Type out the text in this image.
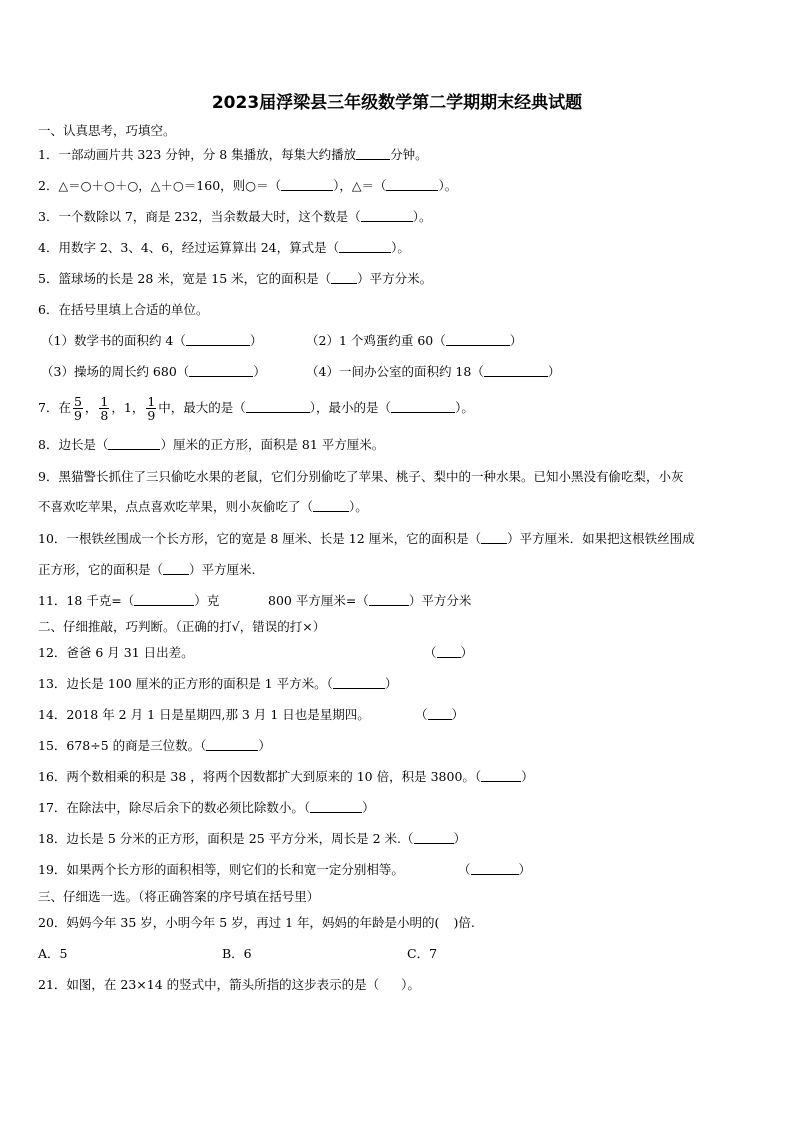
2023届浮梁县三年级数学第二学期期末经典试题
一、认真思考，巧填空。
1．一部动画片共 323 分钟，分 8 集播放，每集大约播放	分钟。
2．△＝○＋○＋○，△＋○＝160，则○＝（	），△＝（	）。
3．一个数除以 7，商是 232，当余数最大时，这个数是（	）。
4．用数字 2、3、4、6，经过运算算出 24，算式是（	）。
5．篮球场的长是 28 米，宽是 15 米，它的面积是（ ）平方分米。
6．在括号里填上合适的单位。
（1）数学书的面积约 4（	）	（2）1 个鸡蛋约重 60（	）
（3）操场的周长约 680（	）	（4）一间办公室的面积约 18（	）
7．在 $\frac{5}{9}$ ， $\frac{1}{8}$ ，1， $\frac{1}{9}$ 中，最大的是（	），最小的是（	）。
8．边长是（	）厘米的正方形，面积是 81 平方厘米。
9．黑猫警长抓住了三只偷吃水果的老鼠，它们分别偷吃了苹果、桃子、梨中的一种水果。已知小黑没有偷吃梨，小灰
不喜欢吃苹果，点点喜欢吃苹果，则小灰偷吃了（	）。
10．一根铁丝围成一个长方形，它的宽是 8 厘米、长是 12 厘米，它的面积是（ ）平方厘米．如果把这根铁丝围成
正方形，它的面积是（ ）平方厘米.
11．18 千克=（	）克	800 平方厘米=（	）平方分米
二、仔细推敲，巧判断。（正确的打√，错误的打×）
12．爸爸 6 月 31 日出差。	（ ）
13．边长是 100 厘米的正方形的面积是 1 平方米。（	）
14．2018 年 2 月 1 日是星期四,那 3 月 1 日也是星期四。	（ ）
15．678÷5 的商是三位数。（	）
16．两个数相乘的积是 38 ，将两个因数都扩大到原来的 10 倍，积是 3800。（	）
17．在除法中，除尽后余下的数必须比除数小。（	）
18．边长是 5 分米的正方形，面积是 25 平方分米，周长是 2 米.（	）
19．如果两个长方形的面积相等，则它们的长和宽一定分别相等。	（	）
三、仔细选一选。（将正确答案的序号填在括号里）
20．妈妈今年 35 岁，小明今年 5 岁，再过 1 年，妈妈的年龄是小明的( )倍.
A．5	B．6	C．7
21．如图，在 23×14 的竖式中，箭头所指的这步表示的是（ ）。
